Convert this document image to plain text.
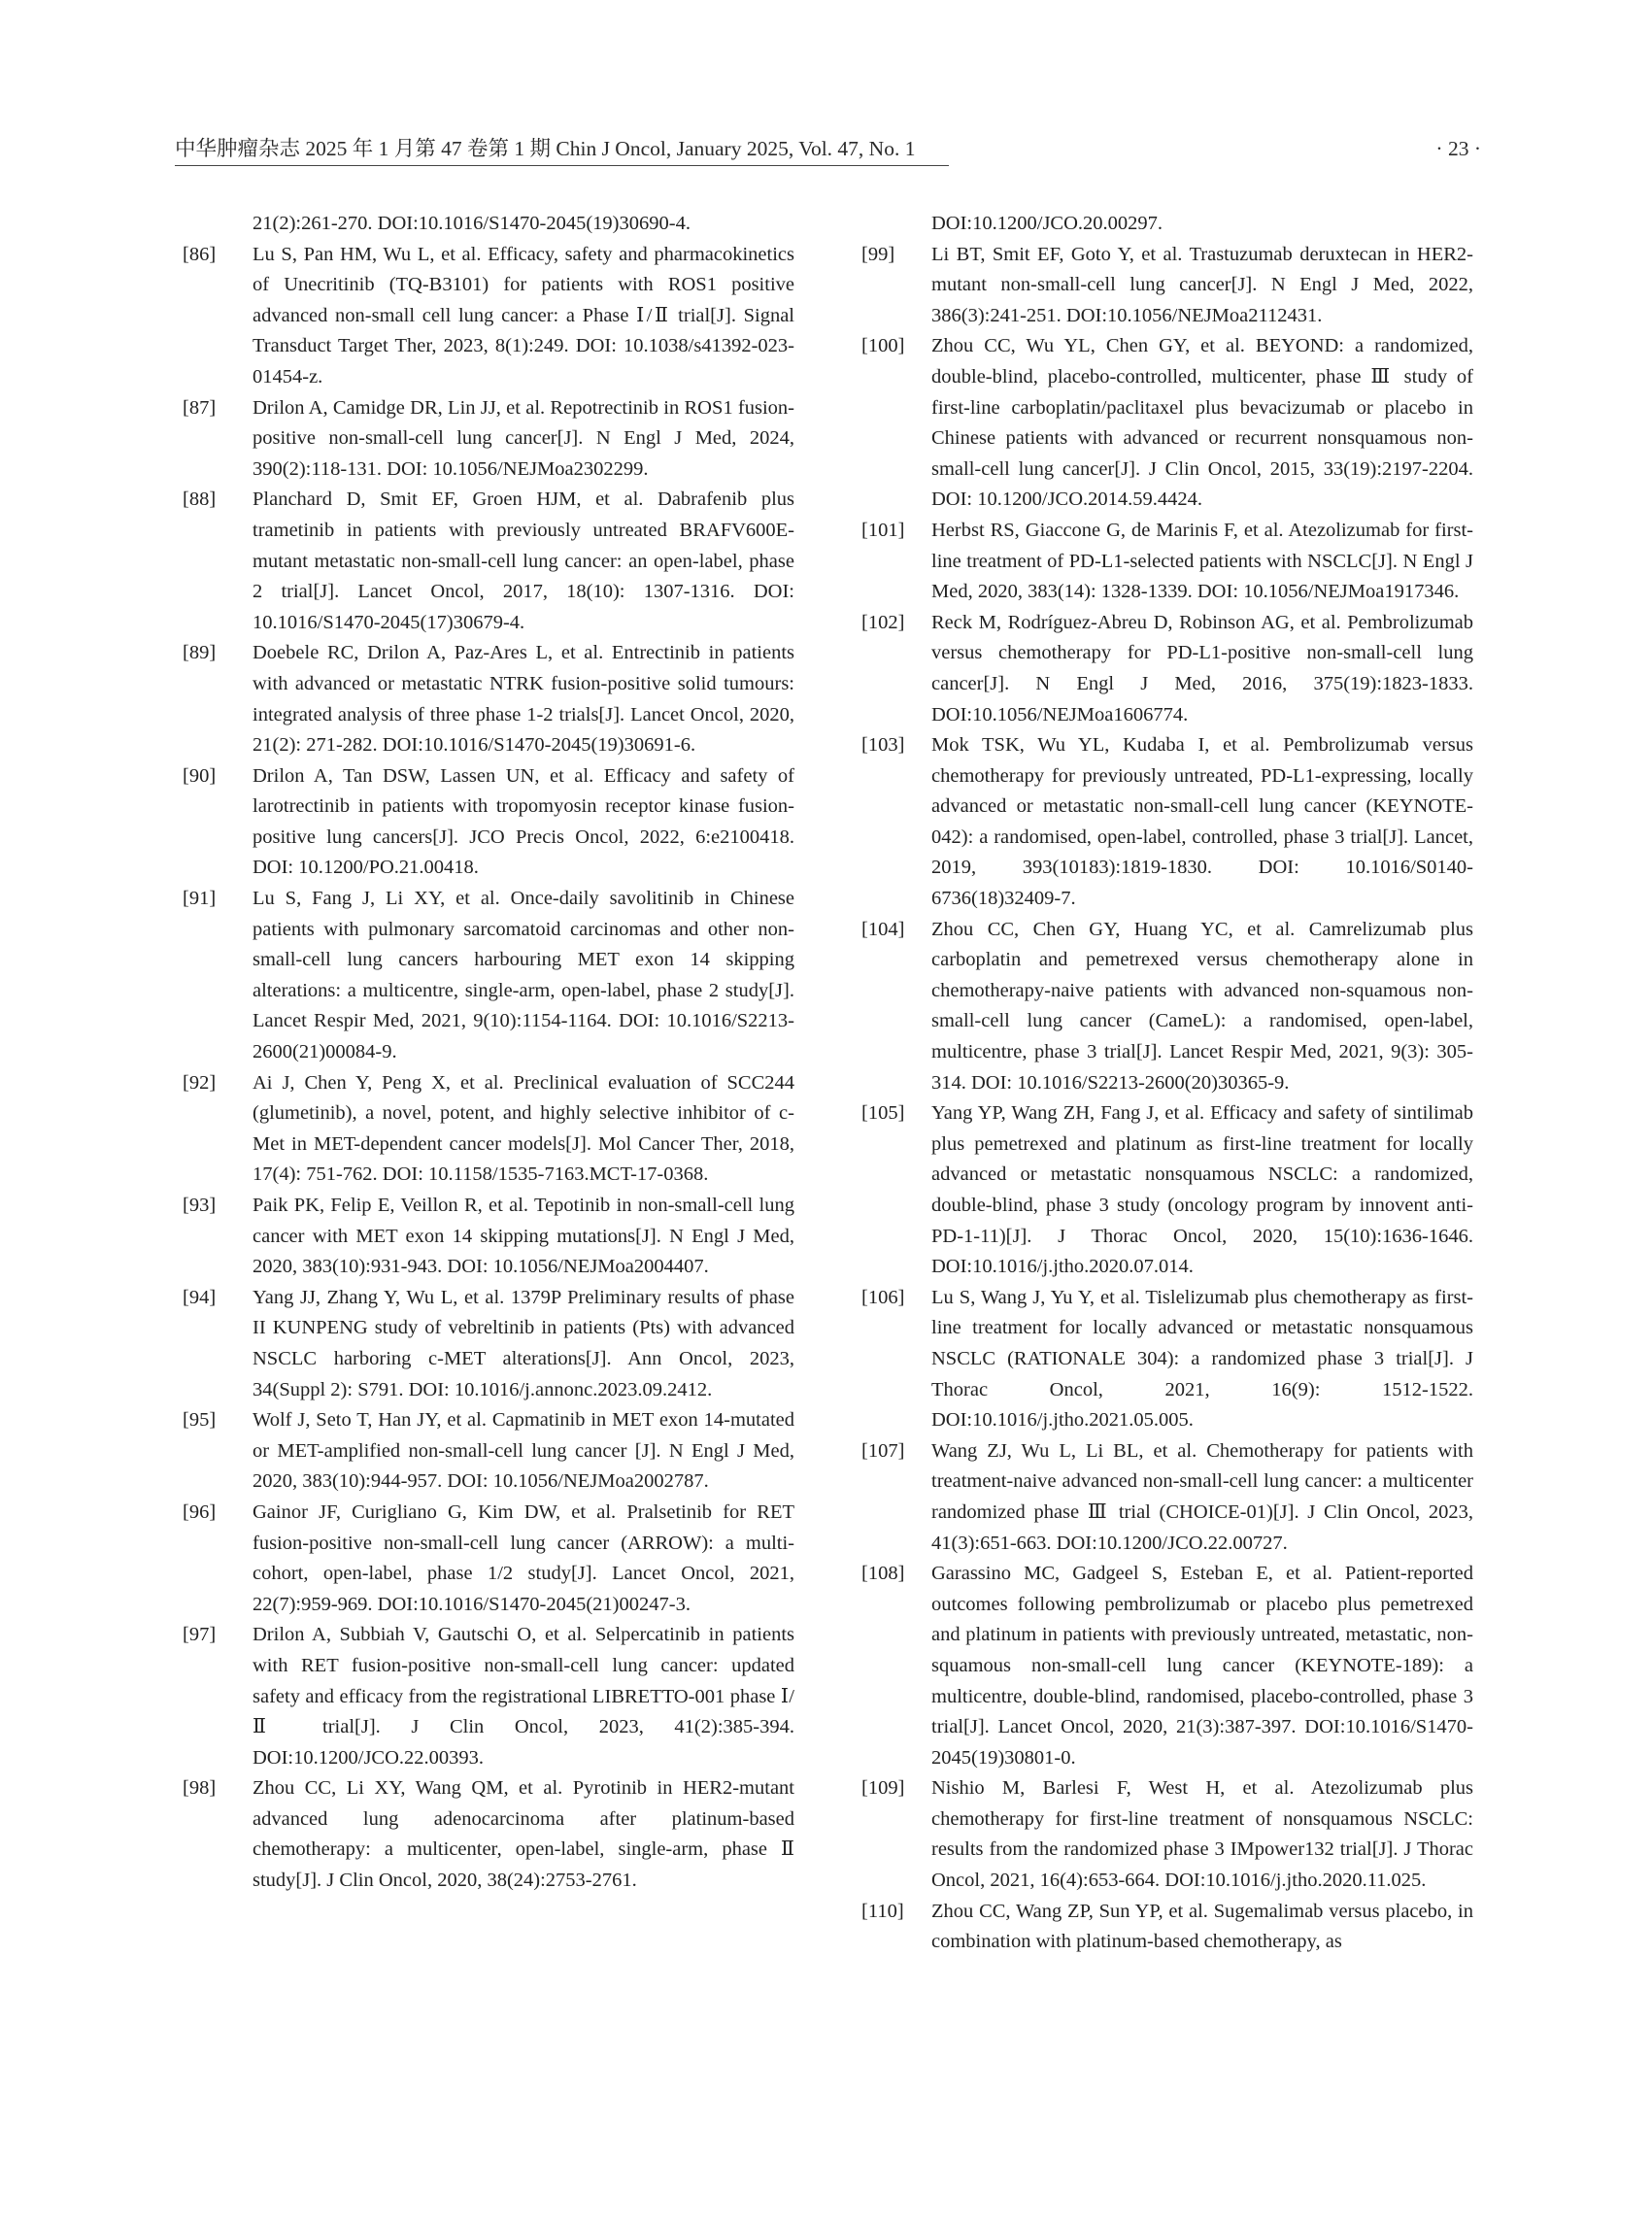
中华肿瘤杂志 2025 年 1 月第 47 卷第 1 期 Chin J Oncol, January 2025, Vol. 47, No. 1	· 23 ·
21(2):261-270. DOI:10.1016/S1470-2045(19)30690-4.
[86]	Lu S, Pan HM, Wu L, et al. Efficacy, safety and pharmacokinetics of Unecritinib (TQ-B3101) for patients with ROS1 positive advanced non-small cell lung cancer: a Phase Ⅰ/Ⅱ trial[J]. Signal Transduct Target Ther, 2023, 8(1):249. DOI: 10.1038/s41392-023-01454-z.
[87]	Drilon A, Camidge DR, Lin JJ, et al. Repotrectinib in ROS1 fusion-positive non-small-cell lung cancer[J]. N Engl J Med, 2024, 390(2):118-131. DOI: 10.1056/NEJMoa2302299.
[88]	Planchard D, Smit EF, Groen HJM, et al. Dabrafenib plus trametinib in patients with previously untreated BRAFV600E-mutant metastatic non-small-cell lung cancer: an open-label, phase 2 trial[J]. Lancet Oncol, 2017, 18(10): 1307-1316. DOI: 10.1016/S1470-2045(17)30679-4.
[89]	Doebele RC, Drilon A, Paz-Ares L, et al. Entrectinib in patients with advanced or metastatic NTRK fusion-positive solid tumours: integrated analysis of three phase 1-2 trials[J]. Lancet Oncol, 2020, 21(2): 271-282. DOI:10.1016/S1470-2045(19)30691-6.
[90]	Drilon A, Tan DSW, Lassen UN, et al. Efficacy and safety of larotrectinib in patients with tropomyosin receptor kinase fusion-positive lung cancers[J]. JCO Precis Oncol, 2022, 6:e2100418. DOI: 10.1200/PO.21.00418.
[91]	Lu S, Fang J, Li XY, et al. Once-daily savolitinib in Chinese patients with pulmonary sarcomatoid carcinomas and other non-small-cell lung cancers harbouring MET exon 14 skipping alterations: a multicentre, single-arm, open-label, phase 2 study[J]. Lancet Respir Med, 2021, 9(10):1154-1164. DOI: 10.1016/S2213-2600(21)00084-9.
[92]	Ai J, Chen Y, Peng X, et al. Preclinical evaluation of SCC244 (glumetinib), a novel, potent, and highly selective inhibitor of c-Met in MET-dependent cancer models[J]. Mol Cancer Ther, 2018, 17(4): 751-762. DOI: 10.1158/1535-7163.MCT-17-0368.
[93]	Paik PK, Felip E, Veillon R, et al. Tepotinib in non-small-cell lung cancer with MET exon 14 skipping mutations[J]. N Engl J Med, 2020, 383(10):931-943. DOI: 10.1056/NEJMoa2004407.
[94]	Yang JJ, Zhang Y, Wu L, et al. 1379P Preliminary results of phase II KUNPENG study of vebreltinib in patients (Pts) with advanced NSCLC harboring c-MET alterations[J]. Ann Oncol, 2023, 34(Suppl 2): S791. DOI: 10.1016/j.annonc.2023.09.2412.
[95]	Wolf J, Seto T, Han JY, et al. Capmatinib in MET exon 14-mutated or MET-amplified non-small-cell lung cancer [J]. N Engl J Med, 2020, 383(10):944-957. DOI: 10.1056/NEJMoa2002787.
[96]	Gainor JF, Curigliano G, Kim DW, et al. Pralsetinib for RET fusion-positive non-small-cell lung cancer (ARROW): a multi-cohort, open-label, phase 1/2 study[J]. Lancet Oncol, 2021, 22(7):959-969. DOI:10.1016/S1470-2045(21)00247-3.
[97]	Drilon A, Subbiah V, Gautschi O, et al. Selpercatinib in patients with RET fusion-positive non-small-cell lung cancer: updated safety and efficacy from the registrational LIBRETTO-001 phase Ⅰ/Ⅱ trial[J]. J Clin Oncol, 2023, 41(2):385-394. DOI:10.1200/JCO.22.00393.
[98]	Zhou CC, Li XY, Wang QM, et al. Pyrotinib in HER2-mutant advanced lung adenocarcinoma after platinum-based chemotherapy: a multicenter, open-label, single-arm, phase Ⅱ study[J]. J Clin Oncol, 2020, 38(24):2753-2761.
DOI:10.1200/JCO.20.00297.
[99]	Li BT, Smit EF, Goto Y, et al. Trastuzumab deruxtecan in HER2-mutant non-small-cell lung cancer[J]. N Engl J Med, 2022, 386(3):241-251. DOI:10.1056/NEJMoa2112431.
[100]	Zhou CC, Wu YL, Chen GY, et al. BEYOND: a randomized, double-blind, placebo-controlled, multicenter, phase Ⅲ study of first-line carboplatin/paclitaxel plus bevacizumab or placebo in Chinese patients with advanced or recurrent nonsquamous non-small-cell lung cancer[J]. J Clin Oncol, 2015, 33(19):2197-2204. DOI: 10.1200/JCO.2014.59.4424.
[101]	Herbst RS, Giaccone G, de Marinis F, et al. Atezolizumab for first-line treatment of PD-L1-selected patients with NSCLC[J]. N Engl J Med, 2020, 383(14): 1328-1339. DOI: 10.1056/NEJMoa1917346.
[102]	Reck M, Rodríguez-Abreu D, Robinson AG, et al. Pembrolizumab versus chemotherapy for PD-L1-positive non-small-cell lung cancer[J]. N Engl J Med, 2016, 375(19):1823-1833. DOI:10.1056/NEJMoa1606774.
[103]	Mok TSK, Wu YL, Kudaba I, et al. Pembrolizumab versus chemotherapy for previously untreated, PD-L1-expressing, locally advanced or metastatic non-small-cell lung cancer (KEYNOTE-042): a randomised, open-label, controlled, phase 3 trial[J]. Lancet, 2019, 393(10183):1819-1830. DOI: 10.1016/S0140-6736(18)32409-7.
[104]	Zhou CC, Chen GY, Huang YC, et al. Camrelizumab plus carboplatin and pemetrexed versus chemotherapy alone in chemotherapy-naive patients with advanced non-squamous non-small-cell lung cancer (CameL): a randomised, open-label, multicentre, phase 3 trial[J]. Lancet Respir Med, 2021, 9(3): 305-314. DOI: 10.1016/S2213-2600(20)30365-9.
[105]	Yang YP, Wang ZH, Fang J, et al. Efficacy and safety of sintilimab plus pemetrexed and platinum as first-line treatment for locally advanced or metastatic nonsquamous NSCLC: a randomized, double-blind, phase 3 study (oncology program by innovent anti-PD-1-11)[J]. J Thorac Oncol, 2020, 15(10):1636-1646. DOI:10.1016/j.jtho.2020.07.014.
[106]	Lu S, Wang J, Yu Y, et al. Tislelizumab plus chemotherapy as first-line treatment for locally advanced or metastatic nonsquamous NSCLC (RATIONALE 304): a randomized phase 3 trial[J]. J Thorac Oncol, 2021, 16(9): 1512-1522. DOI:10.1016/j.jtho.2021.05.005.
[107]	Wang ZJ, Wu L, Li BL, et al. Chemotherapy for patients with treatment-naive advanced non-small-cell lung cancer: a multicenter randomized phase Ⅲ trial (CHOICE-01)[J]. J Clin Oncol, 2023, 41(3):651-663. DOI:10.1200/JCO.22.00727.
[108]	Garassino MC, Gadgeel S, Esteban E, et al. Patient-reported outcomes following pembrolizumab or placebo plus pemetrexed and platinum in patients with previously untreated, metastatic, non-squamous non-small-cell lung cancer (KEYNOTE-189): a multicentre, double-blind, randomised, placebo-controlled, phase 3 trial[J]. Lancet Oncol, 2020, 21(3):387-397. DOI:10.1016/S1470-2045(19)30801-0.
[109]	Nishio M, Barlesi F, West H, et al. Atezolizumab plus chemotherapy for first-line treatment of nonsquamous NSCLC: results from the randomized phase 3 IMpower132 trial[J]. J Thorac Oncol, 2021, 16(4):653-664. DOI:10.1016/j.jtho.2020.11.025.
[110]	Zhou CC, Wang ZP, Sun YP, et al. Sugemalimab versus placebo, in combination with platinum-based chemotherapy, as
